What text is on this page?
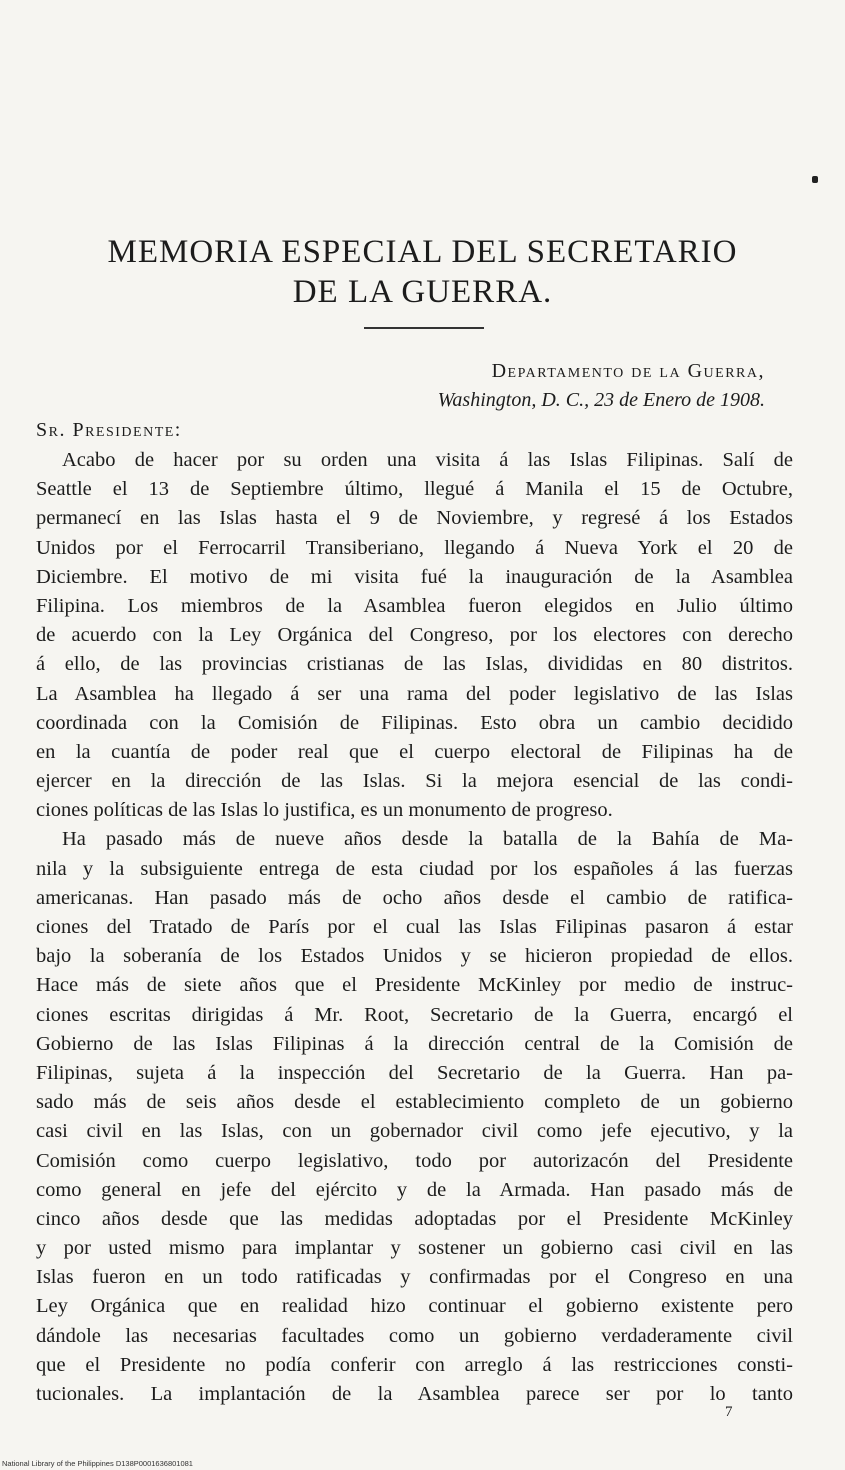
MEMORIA ESPECIAL DEL SECRETARIO
DE LA GUERRA.
Departamento de la Guerra,
Washington, D. C., 23 de Enero de 1908.
Sr. Presidente:
Acabo de hacer por su orden una visita á las Islas Filipinas. Salí de
Seattle el 13 de Septiembre último, llegué á Manila el 15 de Octubre,
permanecí en las Islas hasta el 9 de Noviembre, y regresé á los Estados
Unidos por el Ferrocarril Transiberiano, llegando á Nueva York el 20 de
Diciembre. El motivo de mi visita fué la inauguración de la Asamblea
Filipina. Los miembros de la Asamblea fueron elegidos en Julio último
de acuerdo con la Ley Orgánica del Congreso, por los electores con derecho
á ello, de las provincias cristianas de las Islas, divididas en 80 distritos.
La Asamblea ha llegado á ser una rama del poder legislativo de las Islas
coordinada con la Comisión de Filipinas. Esto obra un cambio decidido
en la cuantía de poder real que el cuerpo electoral de Filipinas ha de
ejercer en la dirección de las Islas. Si la mejora esencial de las condi-
ciones políticas de las Islas lo justifica, es un monumento de progreso.
Ha pasado más de nueve años desde la batalla de la Bahía de Ma-
nila y la subsiguiente entrega de esta ciudad por los españoles á las fuerzas
americanas. Han pasado más de ocho años desde el cambio de ratifica-
ciones del Tratado de París por el cual las Islas Filipinas pasaron á estar
bajo la soberanía de los Estados Unidos y se hicieron propiedad de ellos.
Hace más de siete años que el Presidente McKinley por medio de instruc-
ciones escritas dirigidas á Mr. Root, Secretario de la Guerra, encargó el
Gobierno de las Islas Filipinas á la dirección central de la Comisión de
Filipinas, sujeta á la inspección del Secretario de la Guerra. Han pa-
sado más de seis años desde el establecimiento completo de un gobierno
casi civil en las Islas, con un gobernador civil como jefe ejecutivo, y la
Comisión como cuerpo legislativo, todo por autorizacón del Presidente
como general en jefe del ejército y de la Armada. Han pasado más de
cinco años desde que las medidas adoptadas por el Presidente McKinley
y por usted mismo para implantar y sostener un gobierno casi civil en las
Islas fueron en un todo ratificadas y confirmadas por el Congreso en una
Ley Orgánica que en realidad hizo continuar el gobierno existente pero
dándole las necesarias facultades como un gobierno verdaderamente civil
que el Presidente no podía conferir con arreglo á las restricciones consti-
tucionales. La implantación de la Asamblea parece ser por lo tanto
7
National Library of the Philippines D138P0001636801081
